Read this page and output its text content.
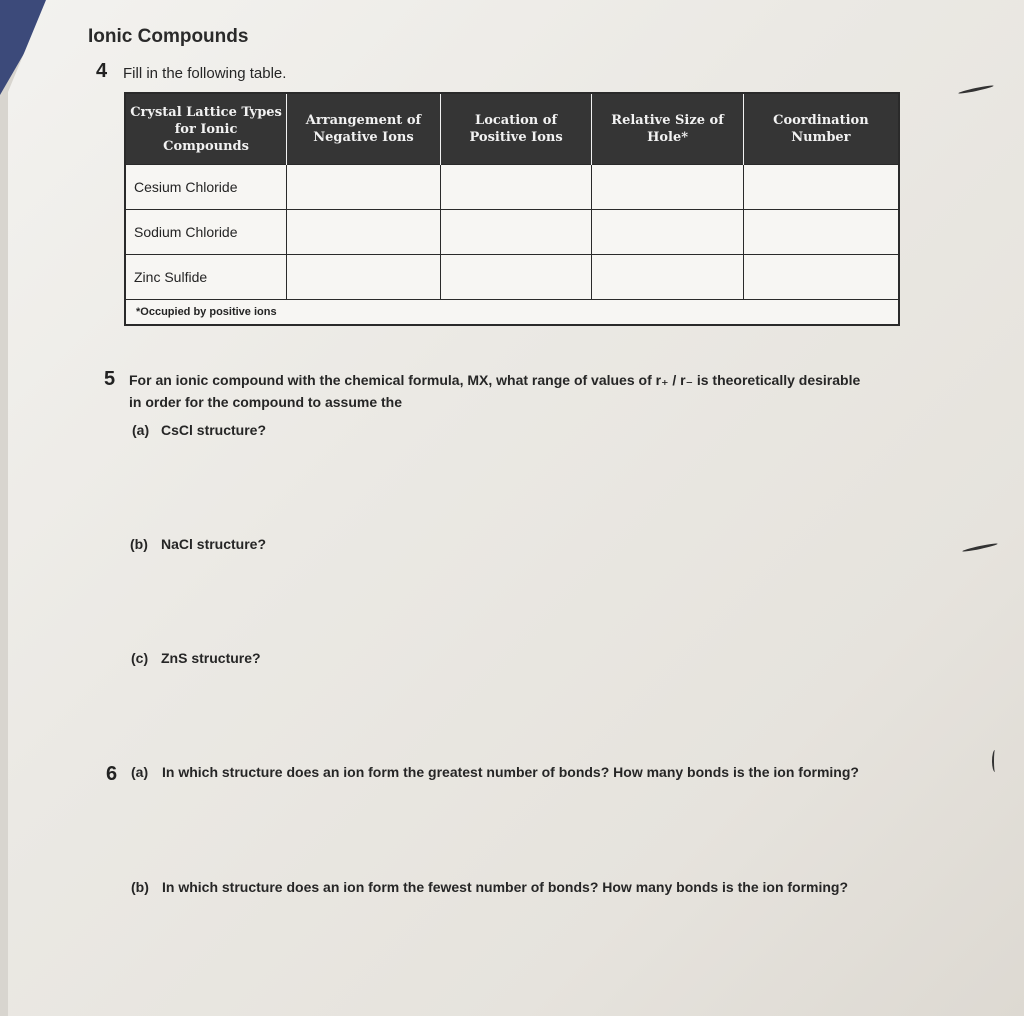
Ionic Compounds
4 Fill in the following table.
Crystal Lattice Types for Ionic Compounds	Arrangement of Negative Ions	Location of Positive Ions	Relative Size of Hole*	Coordination Number
Cesium Chloride				
Sodium Chloride				
Zinc Sulfide				
*Occupied by positive ions				
5 For an ionic compound with the chemical formula, MX, what range of values of r₊ / r₋ is theoretically desirable
in order for the compound to assume the
(a) CsCl structure?
(b) NaCl structure?
(c) ZnS structure?
6 (a) In which structure does an ion form the greatest number of bonds? How many bonds is the ion forming?
(b) In which structure does an ion form the fewest number of bonds? How many bonds is the ion forming?
